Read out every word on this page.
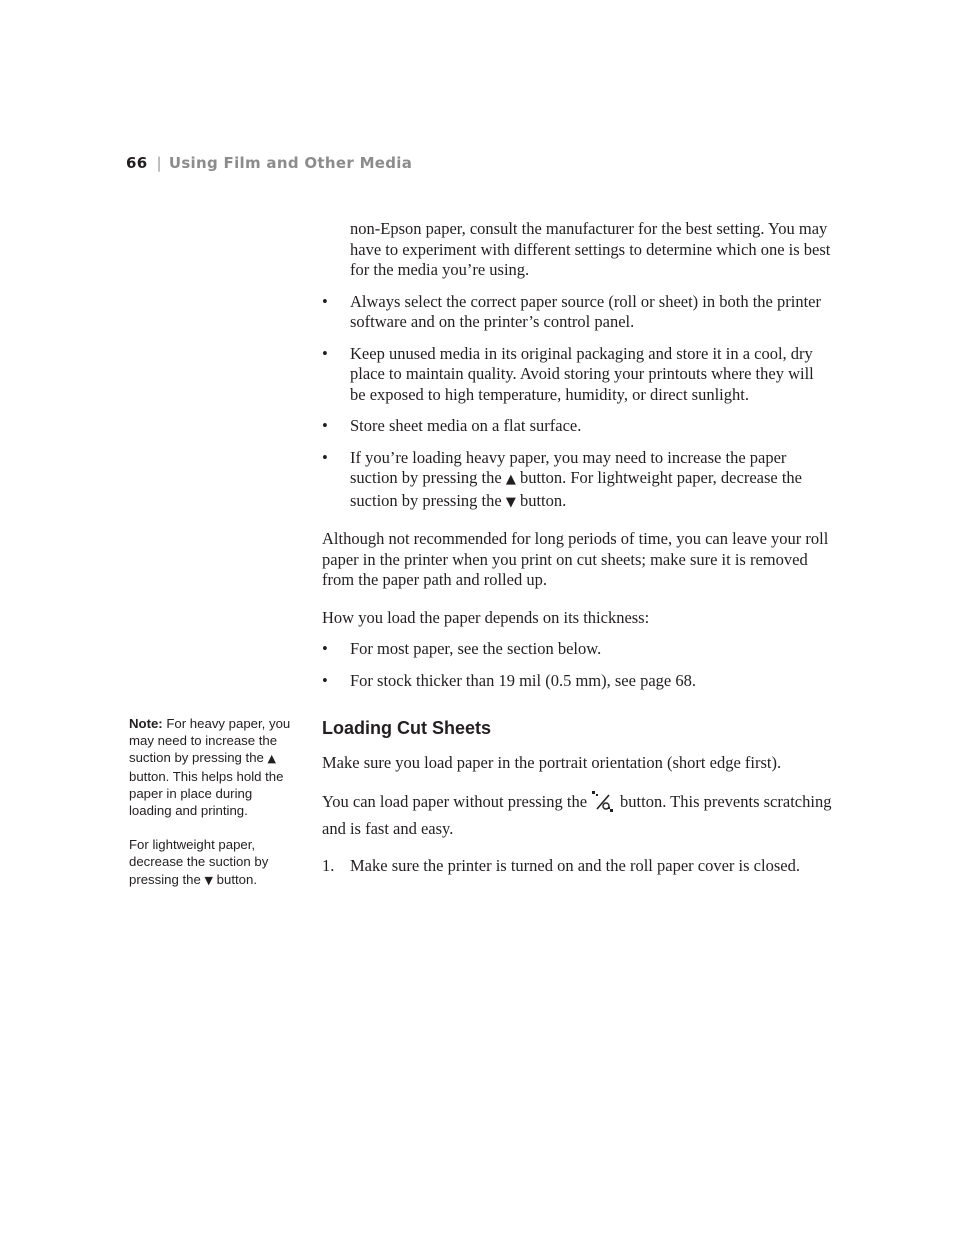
66 | Using Film and Other Media

non-Epson paper, consult the manufacturer for the best setting. You may have to experiment with different settings to determine which one is best for the media you’re using.

• Always select the correct paper source (roll or sheet) in both the printer software and on the printer’s control panel.
• Keep unused media in its original packaging and store it in a cool, dry place to maintain quality. Avoid storing your printouts where they will be exposed to high temperature, humidity, or direct sunlight.
• Store sheet media on a flat surface.
• If you’re loading heavy paper, you may need to increase the paper suction by pressing the ▲ button. For lightweight paper, decrease the suction by pressing the ▼ button.

Although not recommended for long periods of time, you can leave your roll paper in the printer when you print on cut sheets; make sure it is removed from the paper path and rolled up.

How you load the paper depends on its thickness:

• For most paper, see the section below.
• For stock thicker than 19 mil (0.5 mm), see page 68.
Loading Cut Sheets

Make sure you load paper in the portrait orientation (short edge first).

You can load paper without pressing the button. This prevents scratching and is fast and easy.

1. Make sure the printer is turned on and the roll paper cover is closed.

Note: For heavy paper, you may need to increase the suction by pressing the ▲ button. This helps hold the paper in place during loading and printing.

For lightweight paper, decrease the suction by pressing the ▼ button.
